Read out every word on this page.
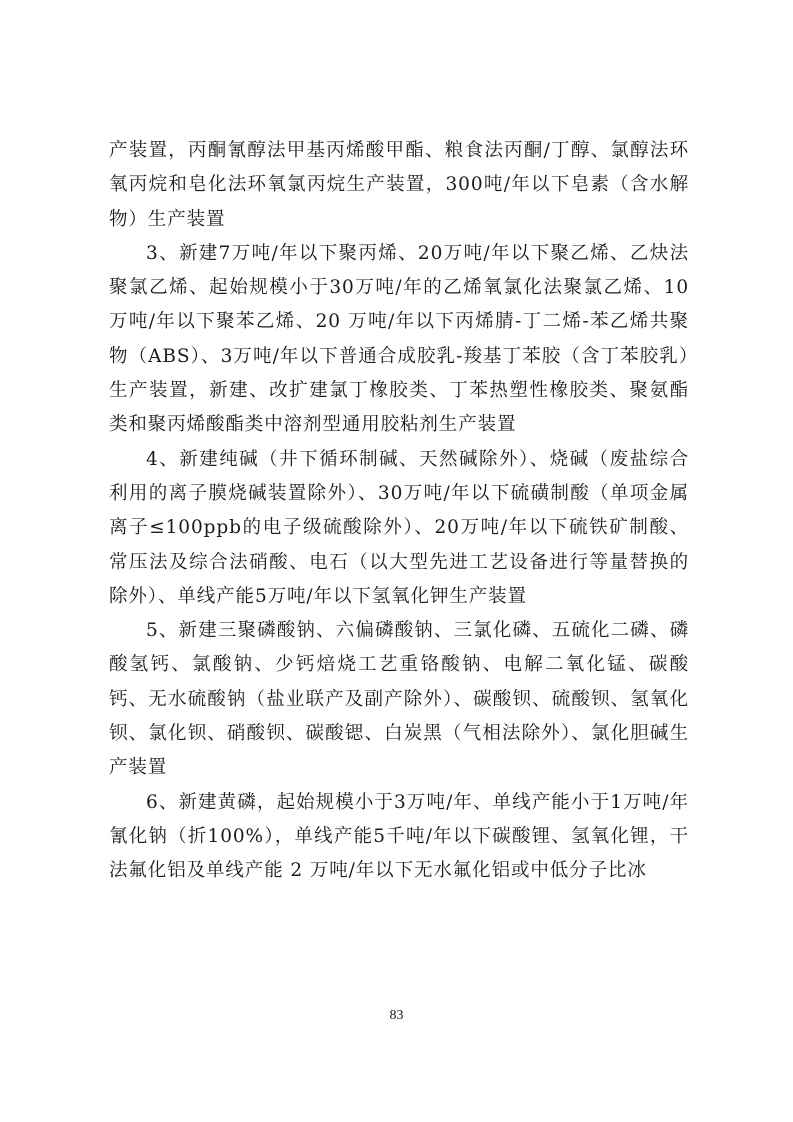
产装置，丙酮氰醇法甲基丙烯酸甲酯、粮食法丙酮/丁醇、氯醇法环氧丙烷和皂化法环氧氯丙烷生产装置，300吨/年以下皂素（含水解物）生产装置

3、新建7万吨/年以下聚丙烯、20万吨/年以下聚乙烯、乙炔法聚氯乙烯、起始规模小于30万吨/年的乙烯氧氯化法聚氯乙烯、10万吨/年以下聚苯乙烯、20 万吨/年以下丙烯腈-丁二烯-苯乙烯共聚物（ABS）、3万吨/年以下普通合成胶乳-羧基丁苯胶（含丁苯胶乳）生产装置，新建、改扩建氯丁橡胶类、丁苯热塑性橡胶类、聚氨酯类和聚丙烯酸酯类中溶剂型通用胶粘剂生产装置

4、新建纯碱（井下循环制碱、天然碱除外）、烧碱（废盐综合利用的离子膜烧碱装置除外）、30万吨/年以下硫磺制酸（单项金属离子≤100ppb的电子级硫酸除外）、20万吨/年以下硫铁矿制酸、常压法及综合法硝酸、电石（以大型先进工艺设备进行等量替换的除外）、单线产能5万吨/年以下氢氧化钾生产装置

5、新建三聚磷酸钠、六偏磷酸钠、三氯化磷、五硫化二磷、磷酸氢钙、氯酸钠、少钙焙烧工艺重铬酸钠、电解二氧化锰、碳酸钙、无水硫酸钠（盐业联产及副产除外）、碳酸钡、硫酸钡、氢氧化钡、氯化钡、硝酸钡、碳酸锶、白炭黑（气相法除外）、氯化胆碱生产装置

6、新建黄磷，起始规模小于3万吨/年、单线产能小于1万吨/年氰化钠（折100%），单线产能5千吨/年以下碳酸锂、氢氧化锂，干法氟化铝及单线产能 2 万吨/年以下无水氟化铝或中低分子比冰

83
